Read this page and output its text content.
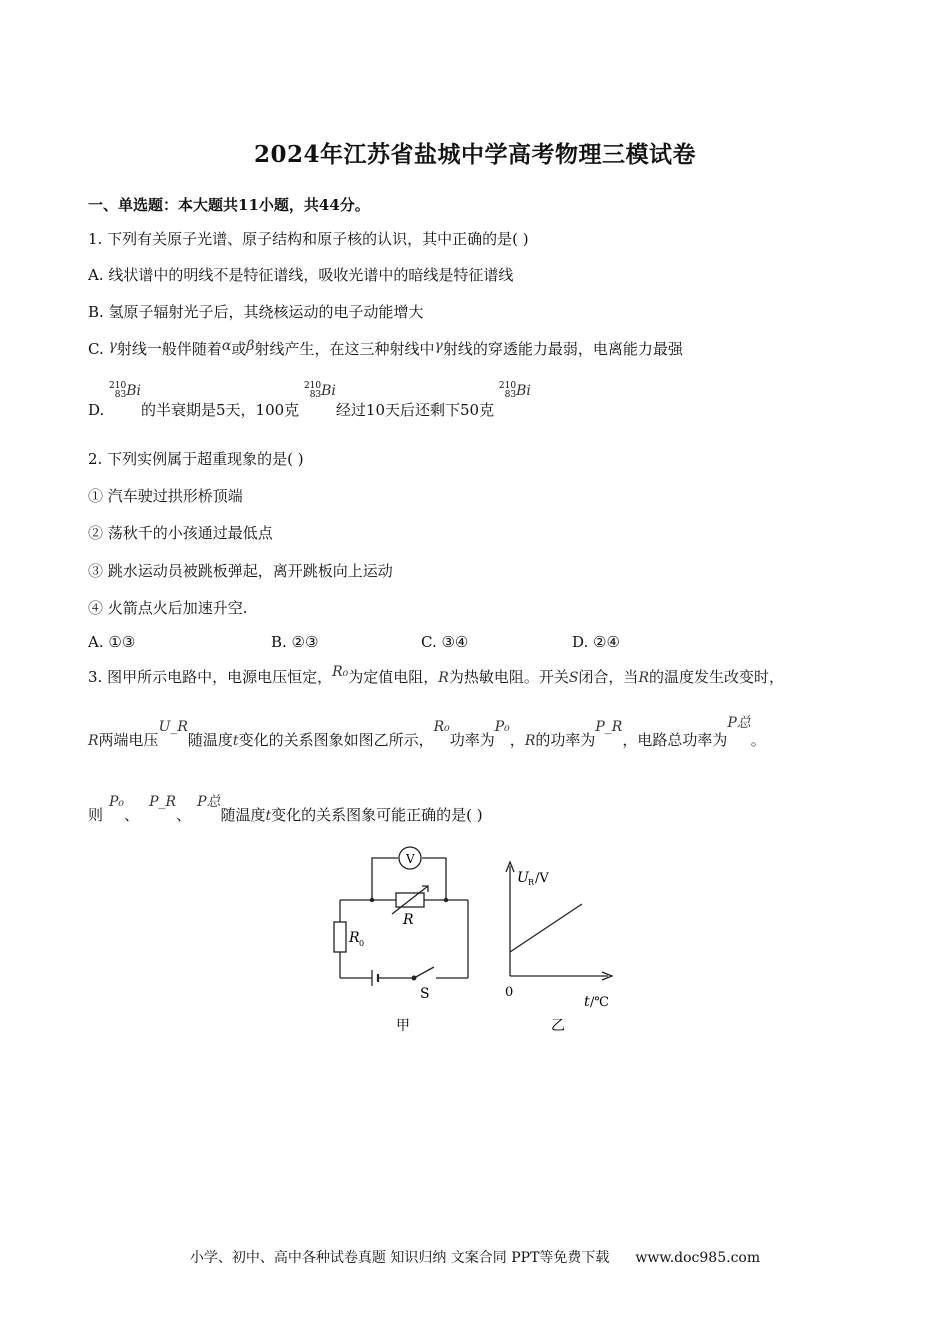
2024年江苏省盐城中学高考物理三模试卷
一、单选题：本大题共11小题，共44分。
1. 下列有关原子光谱、原子结构和原子核的认识，其中正确的是( )
A. 线状谱中的明线不是特征谱线，吸收光谱中的暗线是特征谱线
B. 氢原子辐射光子后，其绕核运动的电子动能增大
C. γ射线一般伴随着α或β射线产生，在这三种射线中γ射线的穿透能力最弱，电离能力最强
D.
210
83 Bi的半衰期是5天，100克
210
83 Bi经过10天后还剩下50克
210
83 Bi
2. 下列实例属于超重现象的是( )
① 汽车驶过拱形桥顶端
② 荡秋千的小孩通过最低点
③ 跳水运动员被跳板弹起，离开跳板向上运动
④ 火箭点火后加速升空.
A. ①③	B. ②③	C. ③④	D. ②④
3. 图甲所示电路中，电源电压恒定，R₀为定值电阻，R为热敏电阻。开关S闭合，当R的温度发生改变时，
R两端电压U_R随温度t变化的关系图象如图乙所示，R₀功率为P₀，R的功率为P_R，电路总功率为P总。
则P₀、P_R、P总随温度t变化的关系图象可能正确的是( )
V
R
R 0
S
甲
U R /V
0
t /℃
乙
小学、初中、高中各种试卷真题 知识归纳 文案合同 PPT等免费下载 www.doc985.com
